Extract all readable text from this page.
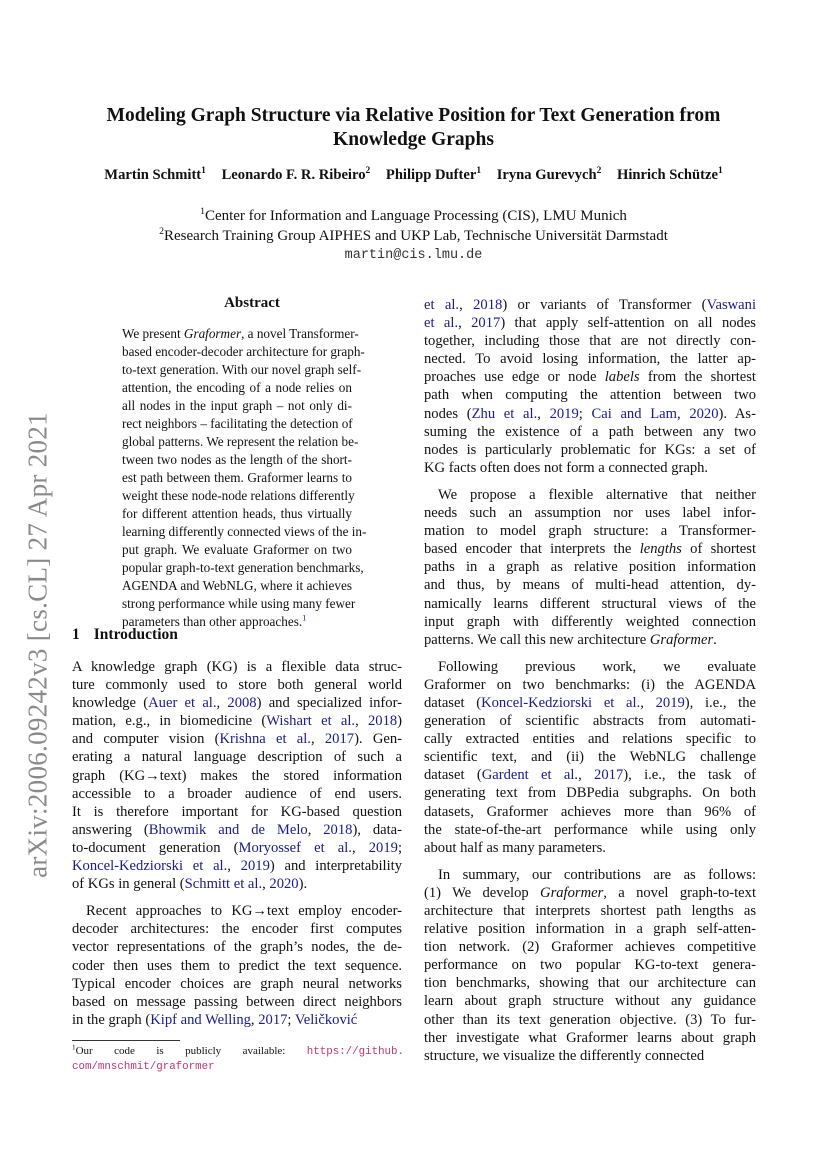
arXiv:2006.09242v3 [cs.CL] 27 Apr 2021
Modeling Graph Structure via Relative Position for Text Generation from Knowledge Graphs
Martin Schmitt$^1$ Leonardo F. R. Ribeiro$^2$ Philipp Dufter$^1$ Iryna Gurevych$^2$ Hinrich Schütze$^1$
$^1$Center for Information and Language Processing (CIS), LMU Munich
$^2$Research Training Group AIPHES and UKP Lab, Technische Universität Darmstadt
martin@cis.lmu.de
Abstract
We present Graformer, a novel Transformer-
based encoder-decoder architecture for graph-
to-text generation. With our novel graph self-
attention, the encoding of a node relies on
all nodes in the input graph – not only di-
rect neighbors – facilitating the detection of
global patterns. We represent the relation be-
tween two nodes as the length of the short-
est path between them. Graformer learns to
weight these node-node relations differently
for different attention heads, thus virtually
learning differently connected views of the in-
put graph. We evaluate Graformer on two
popular graph-to-text generation benchmarks,
AGENDA and WebNLG, where it achieves
strong performance while using many fewer
parameters than other approaches.$^1$
1 Introduction
A knowledge graph (KG) is a flexible data struc-
ture commonly used to store both general world
knowledge (Auer et al., 2008) and specialized infor-
mation, e.g., in biomedicine (Wishart et al., 2018)
and computer vision (Krishna et al., 2017). Gen-
erating a natural language description of such a
graph (KG→text) makes the stored information
accessible to a broader audience of end users.
It is therefore important for KG-based question
answering (Bhowmik and de Melo, 2018), data-
to-document generation (Moryossef et al., 2019;
Koncel-Kedziorski et al., 2019) and interpretability
of KGs in general (Schmitt et al., 2020).
Recent approaches to KG→text employ encoder-
decoder architectures: the encoder first computes
vector representations of the graph’s nodes, the de-
coder then uses them to predict the text sequence.
Typical encoder choices are graph neural networks
based on message passing between direct neighbors
in the graph (Kipf and Welling, 2017; Veličković
et al., 2018) or variants of Transformer (Vaswani
et al., 2017) that apply self-attention on all nodes
together, including those that are not directly con-
nected. To avoid losing information, the latter ap-
proaches use edge or node labels from the shortest
path when computing the attention between two
nodes (Zhu et al., 2019; Cai and Lam, 2020). As-
suming the existence of a path between any two
nodes is particularly problematic for KGs: a set of
KG facts often does not form a connected graph.
We propose a flexible alternative that neither
needs such an assumption nor uses label infor-
mation to model graph structure: a Transformer-
based encoder that interprets the lengths of shortest
paths in a graph as relative position information
and thus, by means of multi-head attention, dy-
namically learns different structural views of the
input graph with differently weighted connection
patterns. We call this new architecture Graformer.
Following previous work, we evaluate
Graformer on two benchmarks: (i) the AGENDA
dataset (Koncel-Kedziorski et al., 2019), i.e., the
generation of scientific abstracts from automati-
cally extracted entities and relations specific to
scientific text, and (ii) the WebNLG challenge
dataset (Gardent et al., 2017), i.e., the task of
generating text from DBPedia subgraphs. On both
datasets, Graformer achieves more than 96% of
the state-of-the-art performance while using only
about half as many parameters.
In summary, our contributions are as follows:
(1) We develop Graformer, a novel graph-to-text
architecture that interprets shortest path lengths as
relative position information in a graph self-atten-
tion network. (2) Graformer achieves competitive
performance on two popular KG-to-text genera-
tion benchmarks, showing that our architecture can
learn about graph structure without any guidance
other than its text generation objective. (3) To fur-
ther investigate what Graformer learns about graph
structure, we visualize the differently connected
$^1$Our code is publicly available: https://github.
com/mnschmit/graformer
